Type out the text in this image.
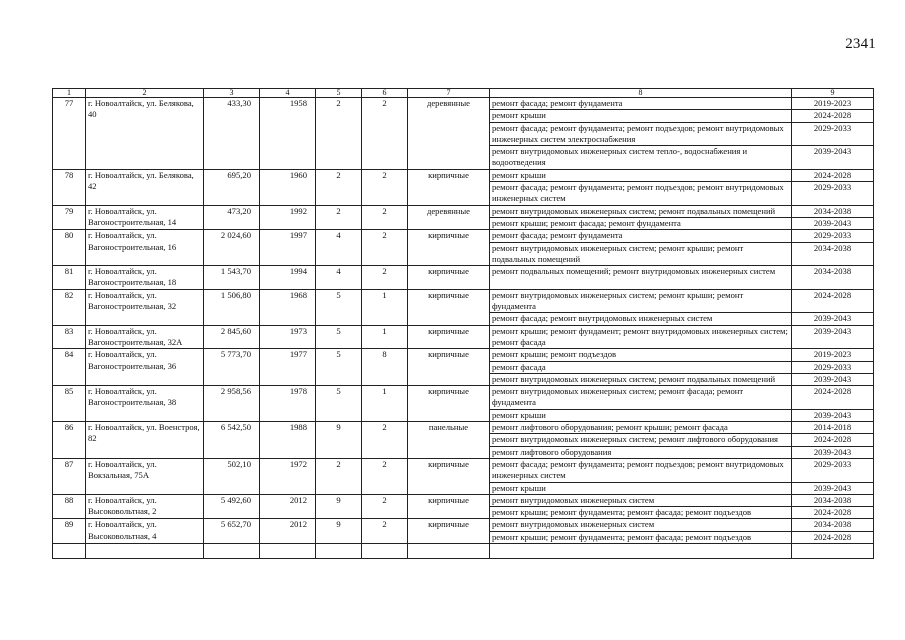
2341
1	2	3	4	5	6	7	8	9
77	г. Новоалтайск, ул. Белякова, 40	433,30	1958	2	2	деревянные	ремонт фасада; ремонт фундамента	2019-2023
							ремонт крыши	2024-2028
							ремонт фасада; ремонт фундамента; ремонт подъездов; ремонт внутридомовых инженерных систем электроснабжения	2029-2033
							ремонт внутридомовых инженерных систем тепло-, водоснабжения и водоотведения	2039-2043
78	г. Новоалтайск, ул. Белякова, 42	695,20	1960	2	2	кирпичные	ремонт крыши	2024-2028
							ремонт фасада; ремонт фундамента; ремонт подъездов; ремонт внутридомовых инженерных систем	2029-2033
79	г. Новоалтайск, ул. Вагоностроительная, 14	473,20	1992	2	2	деревянные	ремонт внутридомовых инженерных систем; ремонт подвальных помещений	2034-2038
							ремонт крыши; ремонт фасада; ремонт фундамента	2039-2043
80	г. Новоалтайск, ул. Вагоностроительная, 16	2 024,60	1997	4	2	кирпичные	ремонт фасада; ремонт фундамента	2029-2033
							ремонт внутридомовых инженерных систем; ремонт крыши; ремонт подвальных помещений	2034-2038
81	г. Новоалтайск, ул. Вагоностроительная, 18	1 543,70	1994	4	2	кирпичные	ремонт подвальных помещений; ремонт внутридомовых инженерных систем	2034-2038
82	г. Новоалтайск, ул. Вагоностроительная, 32	1 506,80	1968	5	1	кирпичные	ремонт внутридомовых инженерных систем; ремонт крыши; ремонт фундамента	2024-2028
							ремонт фасада; ремонт внутридомовых инженерных систем	2039-2043
83	г. Новоалтайск, ул. Вагоностроительная, 32А	2 845,60	1973	5	1	кирпичные	ремонт крыши; ремонт фундамент; ремонт внутридомовых инженерных систем; ремонт фасада	2039-2043
84	г. Новоалтайск, ул. Вагоностроительная, 36	5 773,70	1977	5	8	кирпичные	ремонт крыши; ремонт подъездов	2019-2023
							ремонт фасада	2029-2033
							ремонт внутридомовых инженерных систем; ремонт подвальных помещений	2039-2043
85	г. Новоалтайск, ул. Вагоностроительная, 38	2 958,56	1978	5	1	кирпичные	ремонт внутридомовых инженерных систем; ремонт фасада; ремонт фундамента	2024-2028
							ремонт крыши	2039-2043
86	г. Новоалтайск, ул. Военстроя, 82	6 542,50	1988	9	2	панельные	ремонт лифтового оборудования; ремонт крыши; ремонт фасада	2014-2018
							ремонт внутридомовых инженерных систем; ремонт лифтового оборудования	2024-2028
							ремонт лифтового оборудования	2039-2043
87	г. Новоалтайск, ул. Вокзальная, 75А	502,10	1972	2	2	кирпичные	ремонт фасада; ремонт фундамента; ремонт подъездов; ремонт внутридомовых инженерных систем	2029-2033
							ремонт крыши	2039-2043
88	г. Новоалтайск, ул. Высоковольтная, 2	5 492,60	2012	9	2	кирпичные	ремонт внутридомовых инженерных систем	2034-2038
							ремонт крыши; ремонт фундамента; ремонт фасада; ремонт подъездов	2024-2028
89	г. Новоалтайск, ул. Высоковольтная, 4	5 652,70	2012	9	2	кирпичные	ремонт внутридомовых инженерных систем	2034-2038
							ремонт крыши; ремонт фундамента; ремонт фасада; ремонт подъездов	2024-2028
